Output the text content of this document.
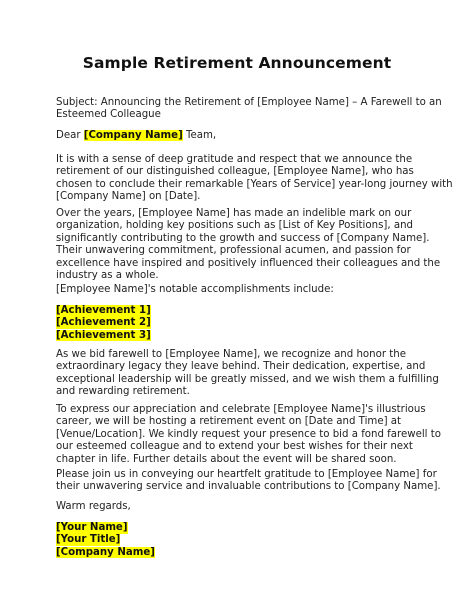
Sample Retirement Announcement
Subject: Announcing the Retirement of [Employee Name] – A Farewell to an
Esteemed Colleague
Dear [Company Name] Team,
It is with a sense of deep gratitude and respect that we announce the
retirement of our distinguished colleague, [Employee Name], who has
chosen to conclude their remarkable [Years of Service] year-long journey with
[Company Name] on [Date].
Over the years, [Employee Name] has made an indelible mark on our
organization, holding key positions such as [List of Key Positions], and
significantly contributing to the growth and success of [Company Name].
Their unwavering commitment, professional acumen, and passion for
excellence have inspired and positively influenced their colleagues and the
industry as a whole.
[Employee Name]'s notable accomplishments include:
[Achievement 1]
[Achievement 2]
[Achievement 3]
As we bid farewell to [Employee Name], we recognize and honor the
extraordinary legacy they leave behind. Their dedication, expertise, and
exceptional leadership will be greatly missed, and we wish them a fulfilling
and rewarding retirement.
To express our appreciation and celebrate [Employee Name]'s illustrious
career, we will be hosting a retirement event on [Date and Time] at
[Venue/Location]. We kindly request your presence to bid a fond farewell to
our esteemed colleague and to extend your best wishes for their next
chapter in life. Further details about the event will be shared soon.
Please join us in conveying our heartfelt gratitude to [Employee Name] for
their unwavering service and invaluable contributions to [Company Name].
Warm regards,
[Your Name]
[Your Title]
[Company Name]
